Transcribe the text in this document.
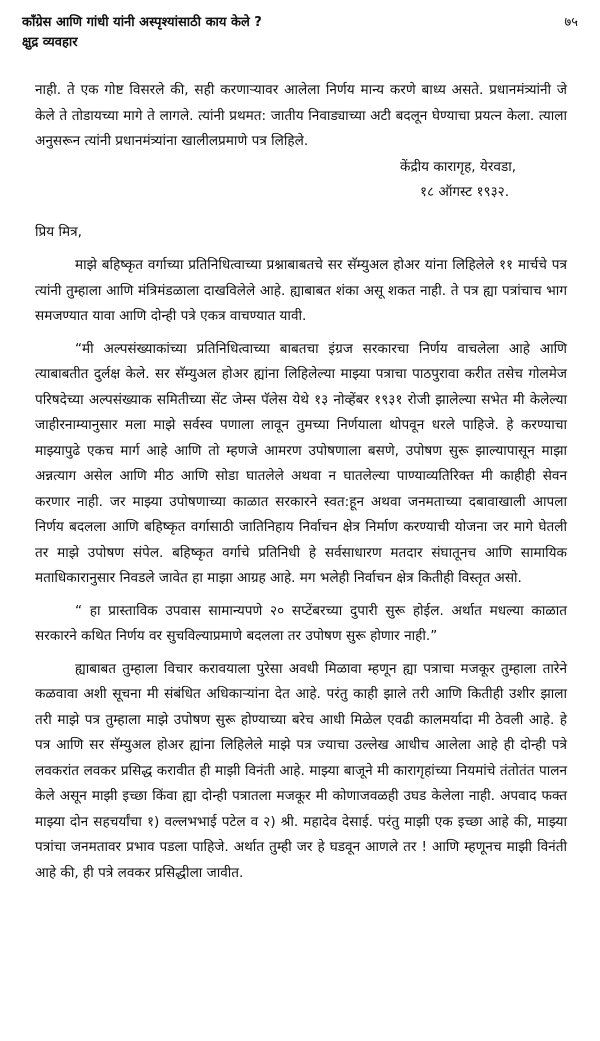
कॉंग्रेस आणि गांधी यांनी अस्पृश्यांसाठी काय केले ?
क्षुद्र व्यवहार
७५

नाही. ते एक गोष्ट विसरले की, सही करणाऱ्यावर आलेला निर्णय मान्य करणे बाध्य असते. प्रधानमंत्र्यांनी जे केले ते तोडायच्या मागे ते लागले. त्यांनी प्रथमत: जातीय निवाड्याच्या अटी बदलून घेण्याचा प्रयत्न केला. त्याला अनुसरून त्यांनी प्रधानमंत्र्यांना खालीलप्रमाणे पत्र लिहिले.

केंद्रीय कारागृह, येरवडा,

१८ ऑगस्ट १९३२.

प्रिय मित्र,

माझे बहिष्कृत वर्गाच्या प्रतिनिधित्वाच्या प्रश्नाबाबतचे सर सॅम्युअल होअर यांना लिहिलेले ११ मार्चचे पत्र त्यांनी तुम्हाला आणि मंत्रिमंडळाला दाखविलेले आहे. ह्याबाबत शंका असू शकत नाही. ते पत्र ह्या पत्रांचाच भाग समजण्यात यावा आणि दोन्ही पत्रे एकत्र वाचण्यात यावी.

“मी अल्पसंख्याकांच्या प्रतिनिधित्वाच्या बाबतचा इंग्रज सरकारचा निर्णय वाचलेला आहे आणि त्याबाबतीत दुर्लक्ष केले. सर सॅम्युअल होअर ह्यांना लिहिलेल्या माझ्या पत्राचा पाठपुरावा करीत तसेच गोलमेज परिषदेच्या अल्पसंख्याक समितीच्या सेंट जेम्स पॅलेस येथे १३ नोव्हेंबर १९३१ रोजी झालेल्या सभेत मी केलेल्या जाहीरनाम्यानुसार मला माझे सर्वस्व पणाला लावून तुमच्या निर्णयाला थोपवून धरले पाहिजे. हे करण्याचा माझ्यापुढे एकच मार्ग आहे आणि तो म्हणजे आमरण उपोषणाला बसणे, उपोषण सुरू झाल्यापासून माझा अन्नत्याग असेल आणि मीठ आणि सोडा घातलेले अथवा न घातलेल्या पाण्याव्यतिरिक्त मी काहीही सेवन करणार नाही. जर माझ्या उपोषणाच्या काळात सरकारने स्वत:हून अथवा जनमताच्या दबावाखाली आपला निर्णय बदलला आणि बहिष्कृत वर्गासाठी जातिनिहाय निर्वाचन क्षेत्र निर्माण करण्याची योजना जर मागे घेतली तर माझे उपोषण संपेल. बहिष्कृत वर्गाचे प्रतिनिधी हे सर्वसाधारण मतदार संघातूनच आणि सामायिक मताधिकारानुसार निवडले जावेत हा माझा आग्रह आहे. मग भलेही निर्वाचन क्षेत्र कितीही विस्तृत असो.

“ हा प्रास्ताविक उपवास सामान्यपणे २० सप्टेंबरच्या दुपारी सुरू होईल. अर्थात मधल्या काळात सरकारने कथित निर्णय वर सुचविल्याप्रमाणे बदलला तर उपोषण सुरू होणार नाही.”

ह्याबाबत तुम्हाला विचार करावयाला पुरेसा अवधी मिळावा म्हणून ह्या पत्राचा मजकूर तुम्हाला तारेने कळवावा अशी सूचना मी संबंधित अधिकाऱ्यांना देत आहे. परंतु काही झाले तरी आणि कितीही उशीर झाला तरी माझे पत्र तुम्हाला माझे उपोषण सुरू होण्याच्या बरेच आधी मिळेल एवढी कालमर्यादा मी ठेवली आहे. हे पत्र आणि सर सॅम्युअल होअर ह्यांना लिहिलेले माझे पत्र ज्याचा उल्लेख आधीच आलेला आहे ही दोन्ही पत्रे लवकरांत लवकर प्रसिद्ध करावीत ही माझी विनंती आहे. माझ्या बाजूने मी कारागृहांच्या नियमांचे तंतोतंत पालन केले असून माझी इच्छा किंवा ह्या दोन्ही पत्रातला मजकूर मी कोणाजवळही उघड केलेला नाही. अपवाद फक्त माझ्या दोन सहचर्यांचा १) वल्लभभाई पटेल व २) श्री. महादेव देसाई. परंतु माझी एक इच्छा आहे की, माझ्या पत्रांचा जनमतावर प्रभाव पडला पाहिजे. अर्थात तुम्ही जर हे घडवून आणले तर ! आणि म्हणूनच माझी विनंती आहे की, ही पत्रे लवकर प्रसिद्धीला जावीत.
